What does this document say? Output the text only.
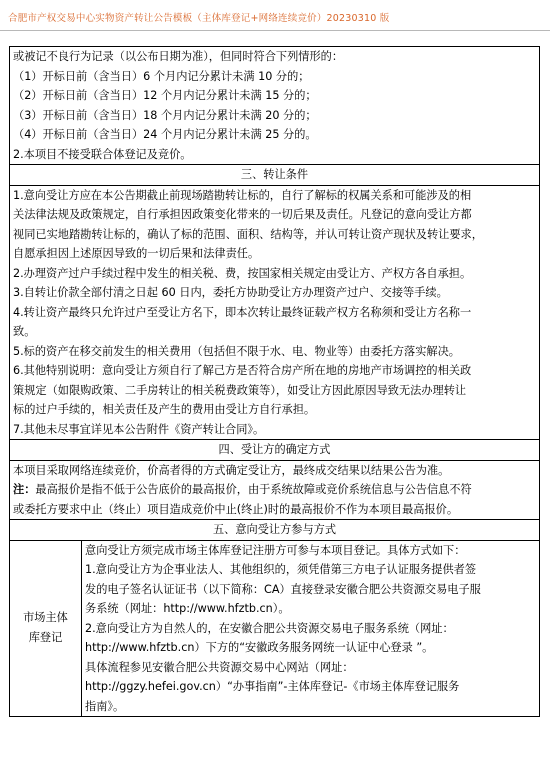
合肥市产权交易中心实物资产转让公告模板（主体库登记+网络连续竞价）20230310 版
或被记不良行为记录（以公布日期为准），但同时符合下列情形的：
（1）开标日前（含当日）6 个月内记分累计未满 10 分的；
（2）开标日前（含当日）12 个月内记分累计未满 15 分的；
（3）开标日前（含当日）18 个月内记分累计未满 20 分的；
（4）开标日前（含当日）24 个月内记分累计未满 25 分的。
2.本项目不接受联合体登记及竞价。

三、转让条件

1.意向受让方应在本公告期截止前现场踏勘转让标的，自行了解标的权属关系和可能涉及的相
关法律法规及政策规定，自行承担因政策变化带来的一切后果及责任。凡登记的意向受让方都
视同已实地踏勘转让标的，确认了标的范围、面积、结构等，并认可转让资产现状及转让要求，
自愿承担因上述原因导致的一切后果和法律责任。
2.办理资产过户手续过程中发生的相关税、费，按国家相关规定由受让方、产权方各自承担。
3.自转让价款全部付清之日起 60 日内，委托方协助受让方办理资产过户、交接等手续。
4.转让资产最终只允许过户至受让方名下，即本次转让最终证载产权方名称须和受让方名称一
致。
5.标的资产在移交前发生的相关费用（包括但不限于水、电、物业等）由委托方落实解决。
6.其他特别说明：意向受让方须自行了解己方是否符合房产所在地的房地产市场调控的相关政
策规定（如限购政策、二手房转让的相关税费政策等），如受让方因此原因导致无法办理转让
标的过户手续的，相关责任及产生的费用由受让方自行承担。
7.其他未尽事宜详见本公告附件《资产转让合同》。

四、受让方的确定方式

本项目采取网络连续竞价，价高者得的方式确定受让方，最终成交结果以结果公告为准。
注：最高报价是指不低于公告底价的最高报价，由于系统故障或竞价系统信息与公告信息不符
或委托方要求中止（终止）项目造成竞价中止(终止)时的最高报价不作为本项目最高报价。

五、意向受让方参与方式

市场主体
库登记

意向受让方须完成市场主体库登记注册方可参与本项目登记。具体方式如下：
1.意向受让方为企事业法人、其他组织的，须凭借第三方电子认证服务提供者签
发的电子签名认证证书（以下简称：CA）直接登录安徽合肥公共资源交易电子服
务系统（网址：http://www.hfztb.cn）。
2.意向受让方为自然人的，在安徽合肥公共资源交易电子服务系统（网址：
http://www.hfztb.cn）下方的“安徽政务服务网统一认证中心登录 ”。
具体流程参见安徽合肥公共资源交易中心网站（网址：
http://ggzy.hefei.gov.cn）“办事指南”-主体库登记-《市场主体库登记服务
指南》。
